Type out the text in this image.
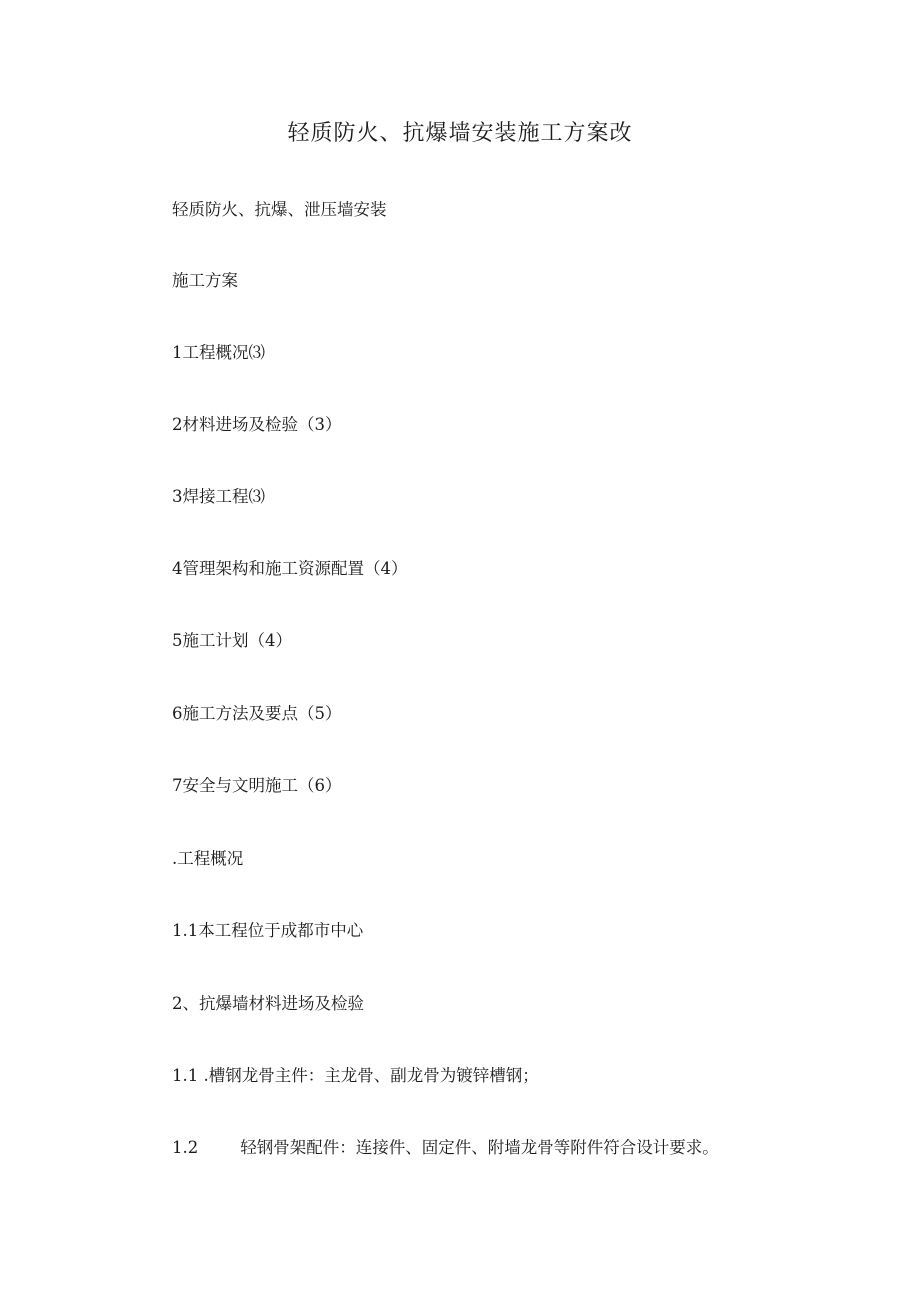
轻质防火、抗爆墙安装施工方案改

轻质防火、抗爆、泄压墙安装

施工方案

1工程概况⑶

2材料进场及检验（3）

3焊接工程⑶

4管理架构和施工资源配置（4）

5施工计划（4）

6施工方法及要点（5）

7安全与文明施工（6）

.工程概况

1.1本工程位于成都市中心

2、抗爆墙材料进场及检验

1.1 .槽钢龙骨主件：主龙骨、副龙骨为镀锌槽钢；

1.2        轻钢骨架配件：连接件、固定件、附墙龙骨等附件符合设计要求。
